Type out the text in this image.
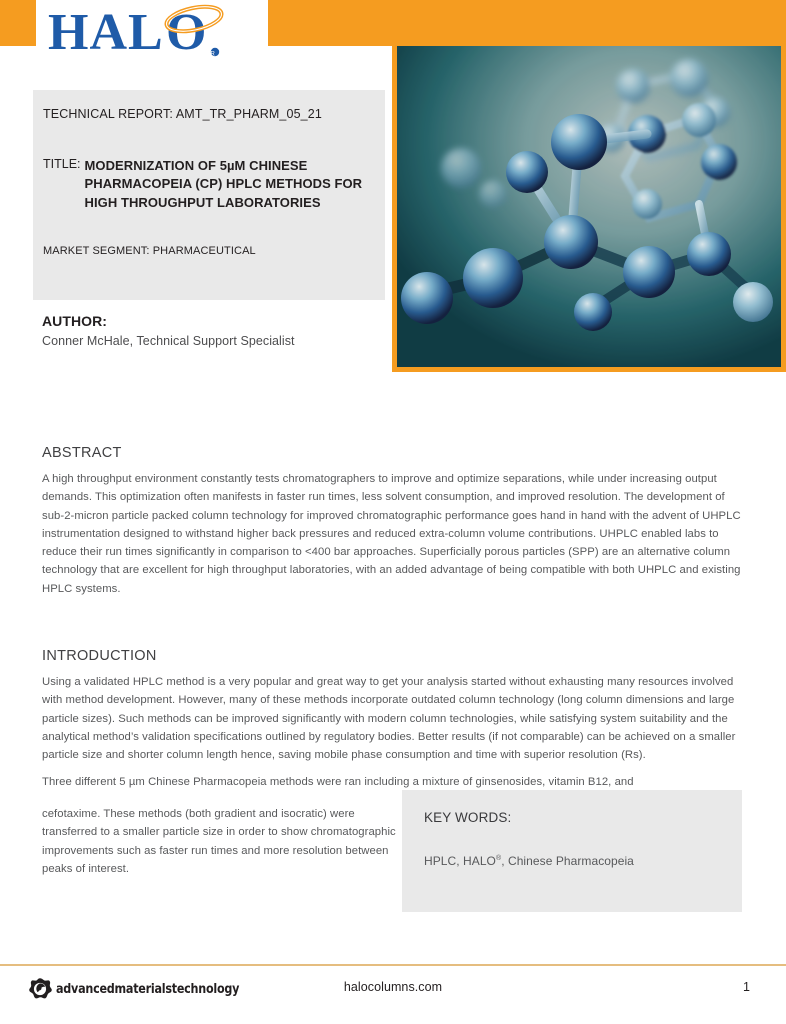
HAL O R
TECHNICAL REPORT: AMT_TR_PHARM_05_21
TITLE: MODERNIZATION OF 5µM CHINESE PHARMACOPEIA (CP) HPLC METHODS FOR HIGH THROUGHPUT LABORATORIES
MARKET SEGMENT: PHARMACEUTICAL
AUTHOR:
Conner McHale, Technical Support Specialist
ABSTRACT
A high throughput environment constantly tests chromatographers to improve and optimize separations, while under increasing output demands. This optimization often manifests in faster run times, less solvent consumption, and improved resolution. The development of sub-2-micron particle packed column technology for improved chromatographic performance goes hand in hand with the advent of UHPLC instrumentation designed to withstand higher back pressures and reduced extra-column volume contributions. UHPLC enabled labs to reduce their run times significantly in comparison to <400 bar approaches. Superficially porous particles (SPP) are an alternative column technology that are excellent for high throughput laboratories, with an added advantage of being compatible with both UHPLC and existing HPLC systems.
INTRODUCTION
Using a validated HPLC method is a very popular and great way to get your analysis started without exhausting many resources involved with method development. However, many of these methods incorporate outdated column technology (long column dimensions and large particle sizes). Such methods can be improved significantly with modern column technologies, while satisfying system suitability and the analytical method’s validation specifications outlined by regulatory bodies. Better results (if not comparable) can be achieved on a smaller particle size and shorter column length hence, saving mobile phase consumption and time with superior resolution (Rs).
Three different 5 µm Chinese Pharmacopeia methods were ran including a mixture of ginsenosides, vitamin B12, and
cefotaxime. These methods (both gradient and isocratic) were transferred to a smaller particle size in order to show chromatographic improvements such as faster run times and more resolution between peaks of interest.
KEY WORDS:
HPLC, HALO®, Chinese Pharmacopeia
advancedmaterialstechnology	halocolumns.com	1
